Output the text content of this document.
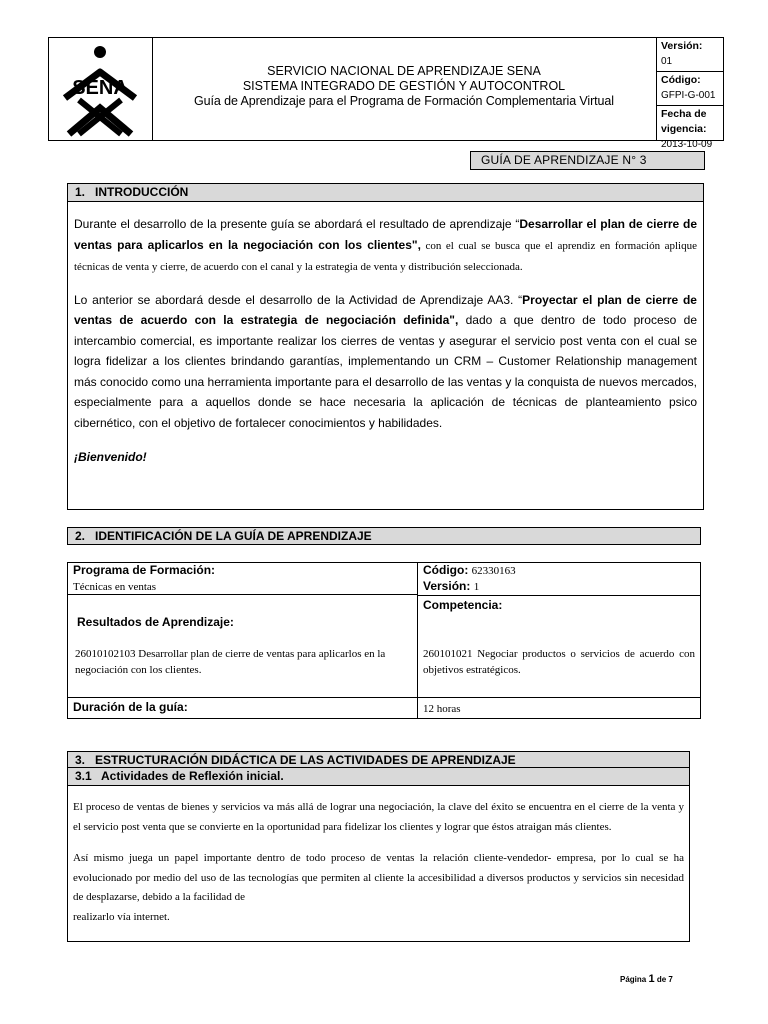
SENA
SERVICIO NACIONAL DE APRENDIZAJE SENA
SISTEMA INTEGRADO DE GESTIÓN Y AUTOCONTROL
Guía de Aprendizaje para el Programa de Formación Complementaria Virtual
Versión:
01
Código:
GFPI-G-001
Fecha de vigencia:
2013-10-09
GUÍA DE APRENDIZAJE N° 3
1. INTRODUCCIÓN

Durante el desarrollo de la presente guía se abordará el resultado de aprendizaje “Desarrollar el plan de cierre de ventas para aplicarlos en la negociación con los clientes", con el cual se busca que el aprendiz en formación aplique técnicas de venta y cierre, de acuerdo con el canal y la estrategia de venta y distribución seleccionada.

Lo anterior se abordará desde el desarrollo de la Actividad de Aprendizaje AA3. “Proyectar el plan de cierre de ventas de acuerdo con la estrategia de negociación definida", dado a que dentro de todo proceso de intercambio comercial, es importante realizar los cierres de ventas y asegurar el servicio post venta con el cual se logra fidelizar a los clientes brindando garantías, implementando un CRM – Customer Relationship management más conocido como una herramienta importante para el desarrollo de las ventas y la conquista de nuevos mercados, especialmente para a aquellos donde se hace necesaria la aplicación de técnicas de planteamiento psico cibernético, con el objetivo de fortalecer conocimientos y habilidades.

¡Bienvenido!

2. IDENTIFICACIÓN DE LA GUÍA DE APRENDIZAJE
Programa de Formación:
Técnicas en ventas
Código: 62330163
Versión: 1
Resultados de Aprendizaje:
26010102103 Desarrollar plan de cierre de ventas para aplicarlos en la negociación con los clientes.
Competencia:
260101021 Negociar productos o servicios de acuerdo con objetivos estratégicos.
Duración de la guía:	12 horas
3. ESTRUCTURACIÓN DIDÁCTICA DE LAS ACTIVIDADES DE APRENDIZAJE
3.1 Actividades de Reflexión inicial.

El proceso de ventas de bienes y servicios va más allá de lograr una negociación, la clave del éxito se encuentra en el cierre de la venta y el servicio post venta que se convierte en la oportunidad para fidelizar los clientes y lograr que éstos atraigan más clientes.

Así mismo juega un papel importante dentro de todo proceso de ventas la relación cliente-vendedor- empresa, por lo cual se ha evolucionado por medio del uso de las tecnologías que permiten al cliente la accesibilidad a diversos productos y servicios sin necesidad de desplazarse, debido a la facilidad de

realizarlo vía internet.
Página 1 de 7
